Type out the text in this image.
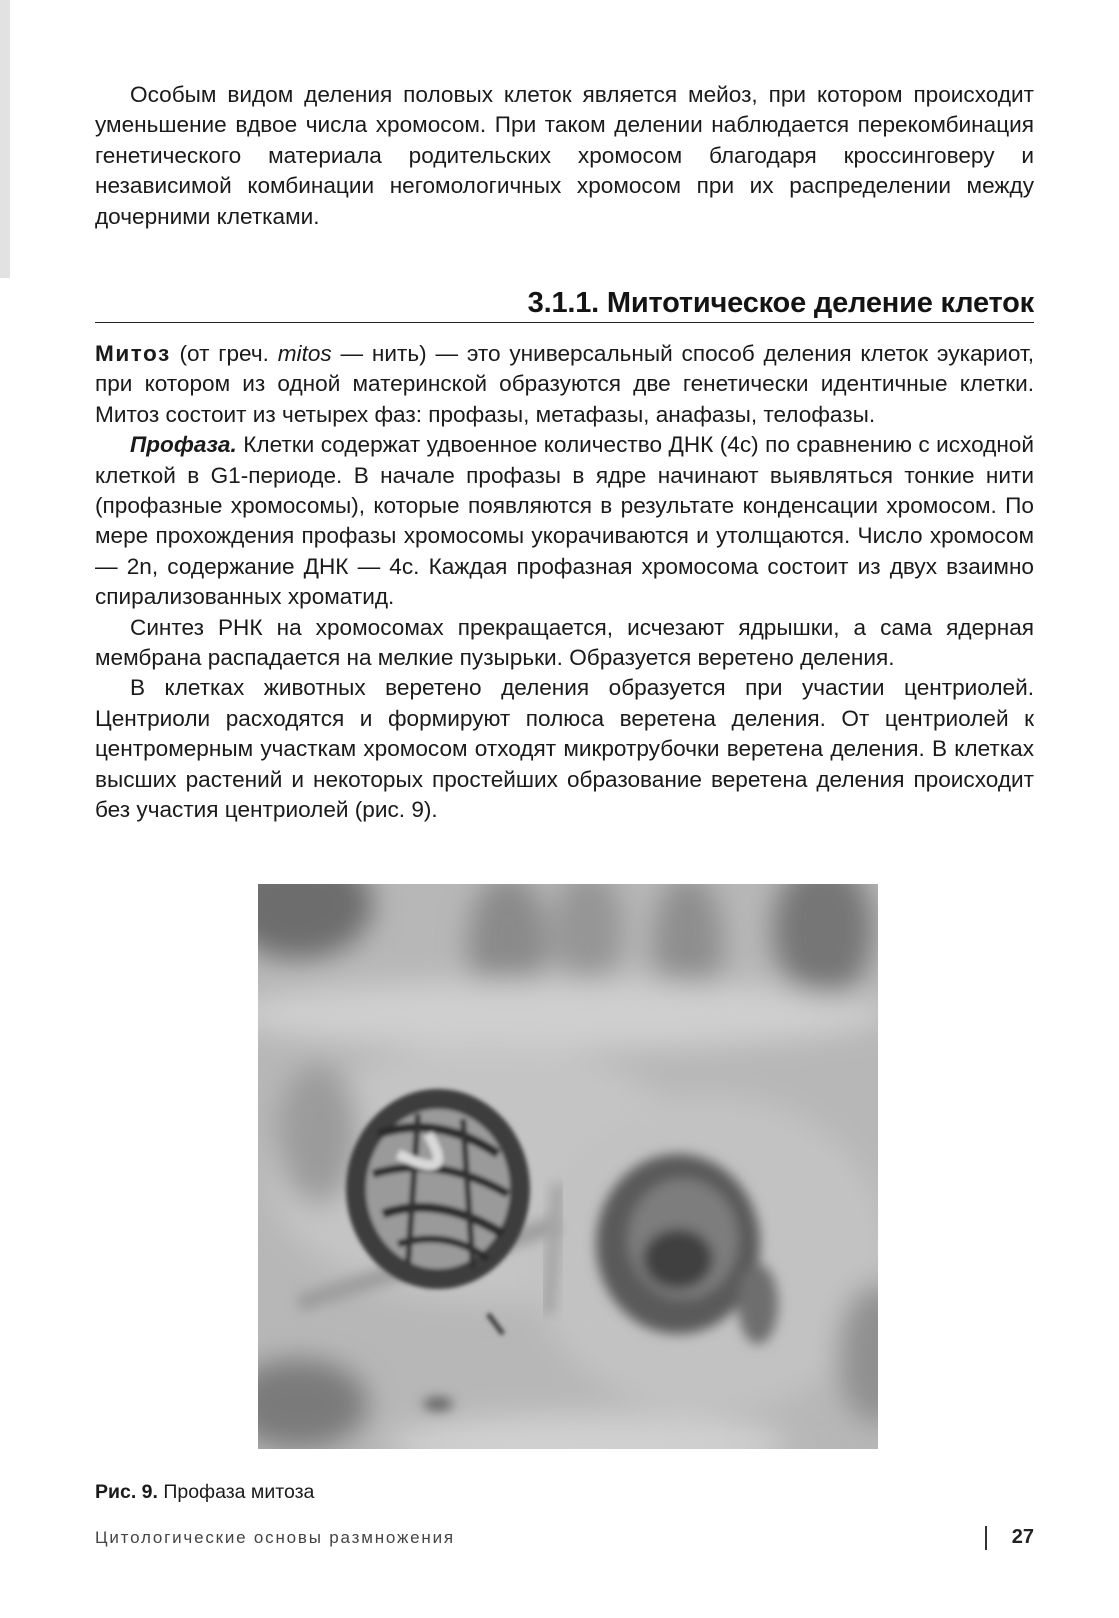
Особым видом деления половых клеток является мейоз, при котором происходит уменьшение вдвое числа хромосом. При таком делении наблюдается перекомбинация генетического материала родительских хромосом благодаря кроссинговеру и независимой комбинации негомологичных хромосом при их распределении между дочерними клетками.

3.1.1. Митотическое деление клеток

Митоз (от греч. mitos — нить) — это универсальный способ деления клеток эукариот, при котором из одной материнской образуются две генетически идентичные клетки. Митоз состоит из четырех фаз: профазы, метафазы, анафазы, телофазы.

Профаза. Клетки содержат удвоенное количество ДНК (4с) по сравнению с исходной клеткой в G1-периоде. В начале профазы в ядре начинают выявляться тонкие нити (профазные хромосомы), которые появляются в результате конденсации хромосом. По мере прохождения профазы хромосомы укорачиваются и утолщаются. Число хромосом — 2n, содержание ДНК — 4с. Каждая профазная хромосома состоит из двух взаимно спирализованных хроматид.

Синтез РНК на хромосомах прекращается, исчезают ядрышки, а сама ядерная мембрана распадается на мелкие пузырьки. Образуется веретено деления.

В клетках животных веретено деления образуется при участии центриолей. Центриоли расходятся и формируют полюса веретена деления. От центриолей к центромерным участкам хромосом отходят микротрубочки веретена деления. В клетках высших растений и некоторых простейших образование веретена деления происходит без участия центриолей (рис. 9).

Рис. 9. Профаза митоза

Цитологические основы размножения	27
